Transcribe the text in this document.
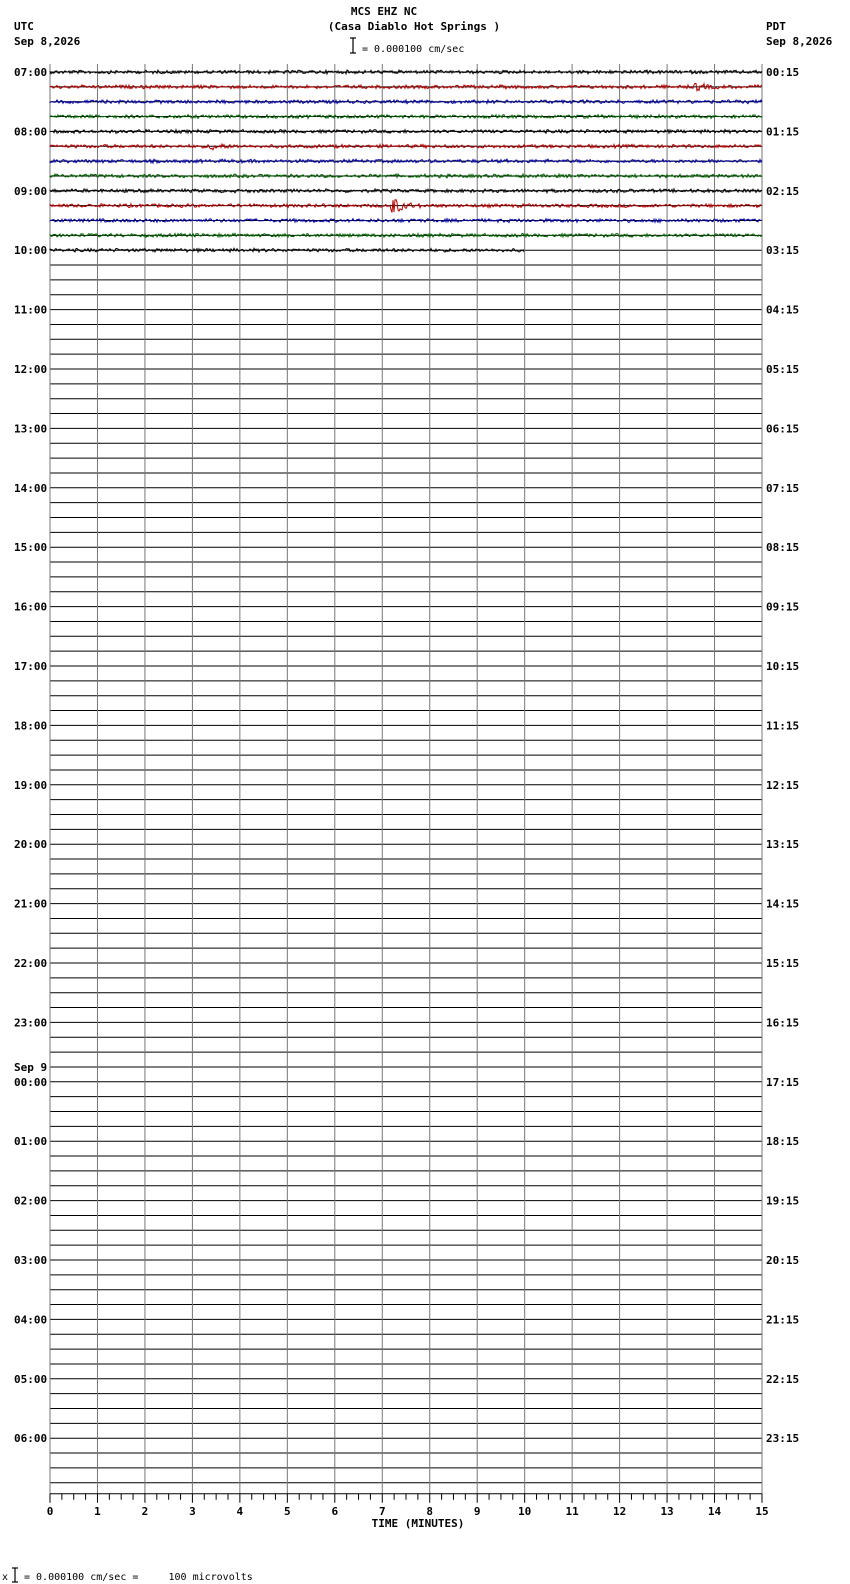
MCS EHZ NC
(Casa Diablo Hot Springs )
UTC
Sep 8,2026
PDT
Sep 8,2026
= 0.000100 cm/sec
07:00
08:00
09:00
10:00
11:00
12:00
13:00
14:00
15:00
16:00
17:00
18:00
19:00
20:00
21:00
22:00
23:00
00:00
Sep 9
01:00
02:00
03:00
04:00
05:00
06:00
00:15
01:15
02:15
03:15
04:15
05:15
06:15
07:15
08:15
09:15
10:15
11:15
12:15
13:15
14:15
15:15
16:15
17:15
18:15
19:15
20:15
21:15
22:15
23:15
TIME (MINUTES)
0	1	2	3	4	5	6	7	8	9	10	11	12	13	14	15
x = 0.000100 cm/sec =     100 microvolts
